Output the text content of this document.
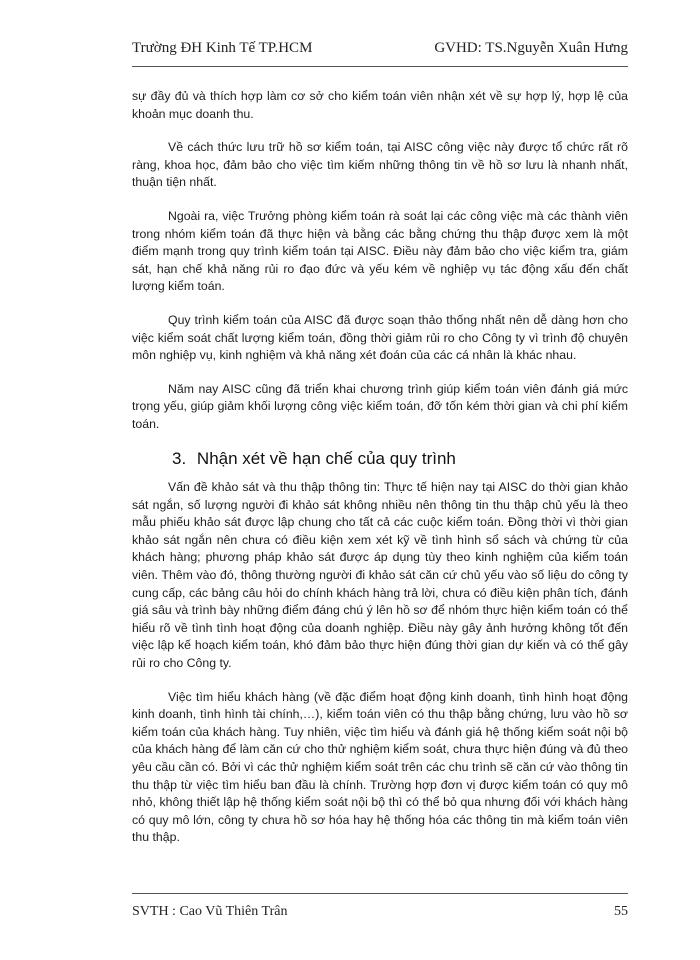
Trường ĐH Kinh Tế TP.HCM	GVHD: TS.Nguyễn Xuân Hưng

sự đầy đủ và thích hợp làm cơ sở cho kiểm toán viên nhận xét về sự hợp lý, hợp lệ của khoản mục doanh thu.

Về cách thức lưu trữ hồ sơ kiểm toán, tại AISC công việc này được tổ chức rất rõ ràng, khoa học, đảm bảo cho việc tìm kiếm những thông tin về hồ sơ lưu là nhanh nhất, thuận tiện nhất.

Ngoài ra, việc Trưởng phòng kiểm toán rà soát lại các công việc mà các thành viên trong nhóm kiểm toán đã thực hiện và bằng các bằng chứng thu thập được xem là một điểm mạnh trong quy trình kiểm toán tại AISC. Điều này đảm bảo cho việc kiểm tra, giám sát, hạn chế khả năng rủi ro đạo đức và yếu kém về nghiệp vụ tác động xấu đến chất lượng kiểm toán.

Quy trình kiểm toán của AISC đã được soạn thảo thống nhất nên dễ dàng hơn cho việc kiểm soát chất lượng kiểm toán, đồng thời giảm rủi ro cho Công ty vì trình độ chuyên môn nghiệp vụ, kinh nghiệm và khả năng xét đoán của các cá nhân là khác nhau.

Năm nay AISC cũng đã triển khai chương trình giúp kiểm toán viên đánh giá mức trọng yếu, giúp giảm khối lượng công việc kiểm toán, đỡ tốn kém thời gian và chi phí kiểm toán.

3. Nhận xét về hạn chế của quy trình

Vấn đề khảo sát và thu thập thông tin: Thực tế hiện nay tại AISC do thời gian khảo sát ngắn, số lượng người đi khảo sát không nhiều nên thông tin thu thập chủ yếu là theo mẫu phiếu khảo sát được lập chung cho tất cả các cuộc kiểm toán. Đồng thời vì thời gian khảo sát ngắn nên chưa có điều kiện xem xét kỹ về tình hình sổ sách và chứng từ của khách hàng; phương pháp khảo sát được áp dụng tùy theo kinh nghiệm của kiểm toán viên. Thêm vào đó, thông thường người đi khảo sát căn cứ chủ yếu vào số liệu do công ty cung cấp, các bảng câu hỏi do chính khách hàng trả lời, chưa có điều kiện phân tích, đánh giá sâu và trình bày những điểm đáng chú ý lên hồ sơ để nhóm thực hiện kiểm toán có thể hiểu rõ về tình tình hoạt động của doanh nghiệp. Điều này gây ảnh hưởng không tốt đến việc lập kế hoạch kiểm toán, khó đảm bảo thực hiện đúng thời gian dự kiến và có thể gây rủi ro cho Công ty.

Việc tìm hiểu khách hàng (về đặc điểm hoạt động kinh doanh, tình hình hoạt động kinh doanh, tình hình tài chính,…), kiểm toán viên có thu thập bằng chứng, lưu vào hồ sơ kiểm toán của khách hàng. Tuy nhiên, việc tìm hiểu và đánh giá hệ thống kiểm soát nội bộ của khách hàng để làm căn cứ cho thử nghiệm kiểm soát, chưa thực hiện đúng và đủ theo yêu cầu cần có. Bởi vì các thử nghiệm kiểm soát trên các chu trình sẽ căn cứ vào thông tin thu thập từ việc tìm hiểu ban đầu là chính. Trường hợp đơn vị được kiểm toán có quy mô nhỏ, không thiết lập hệ thống kiểm soát nội bộ thì có thể bỏ qua nhưng đối với khách hàng có quy mô lớn, công ty chưa hồ sơ hóa hay hệ thống hóa các thông tin mà kiểm toán viên thu thập.

SVTH : Cao Vũ Thiên Trân	55
